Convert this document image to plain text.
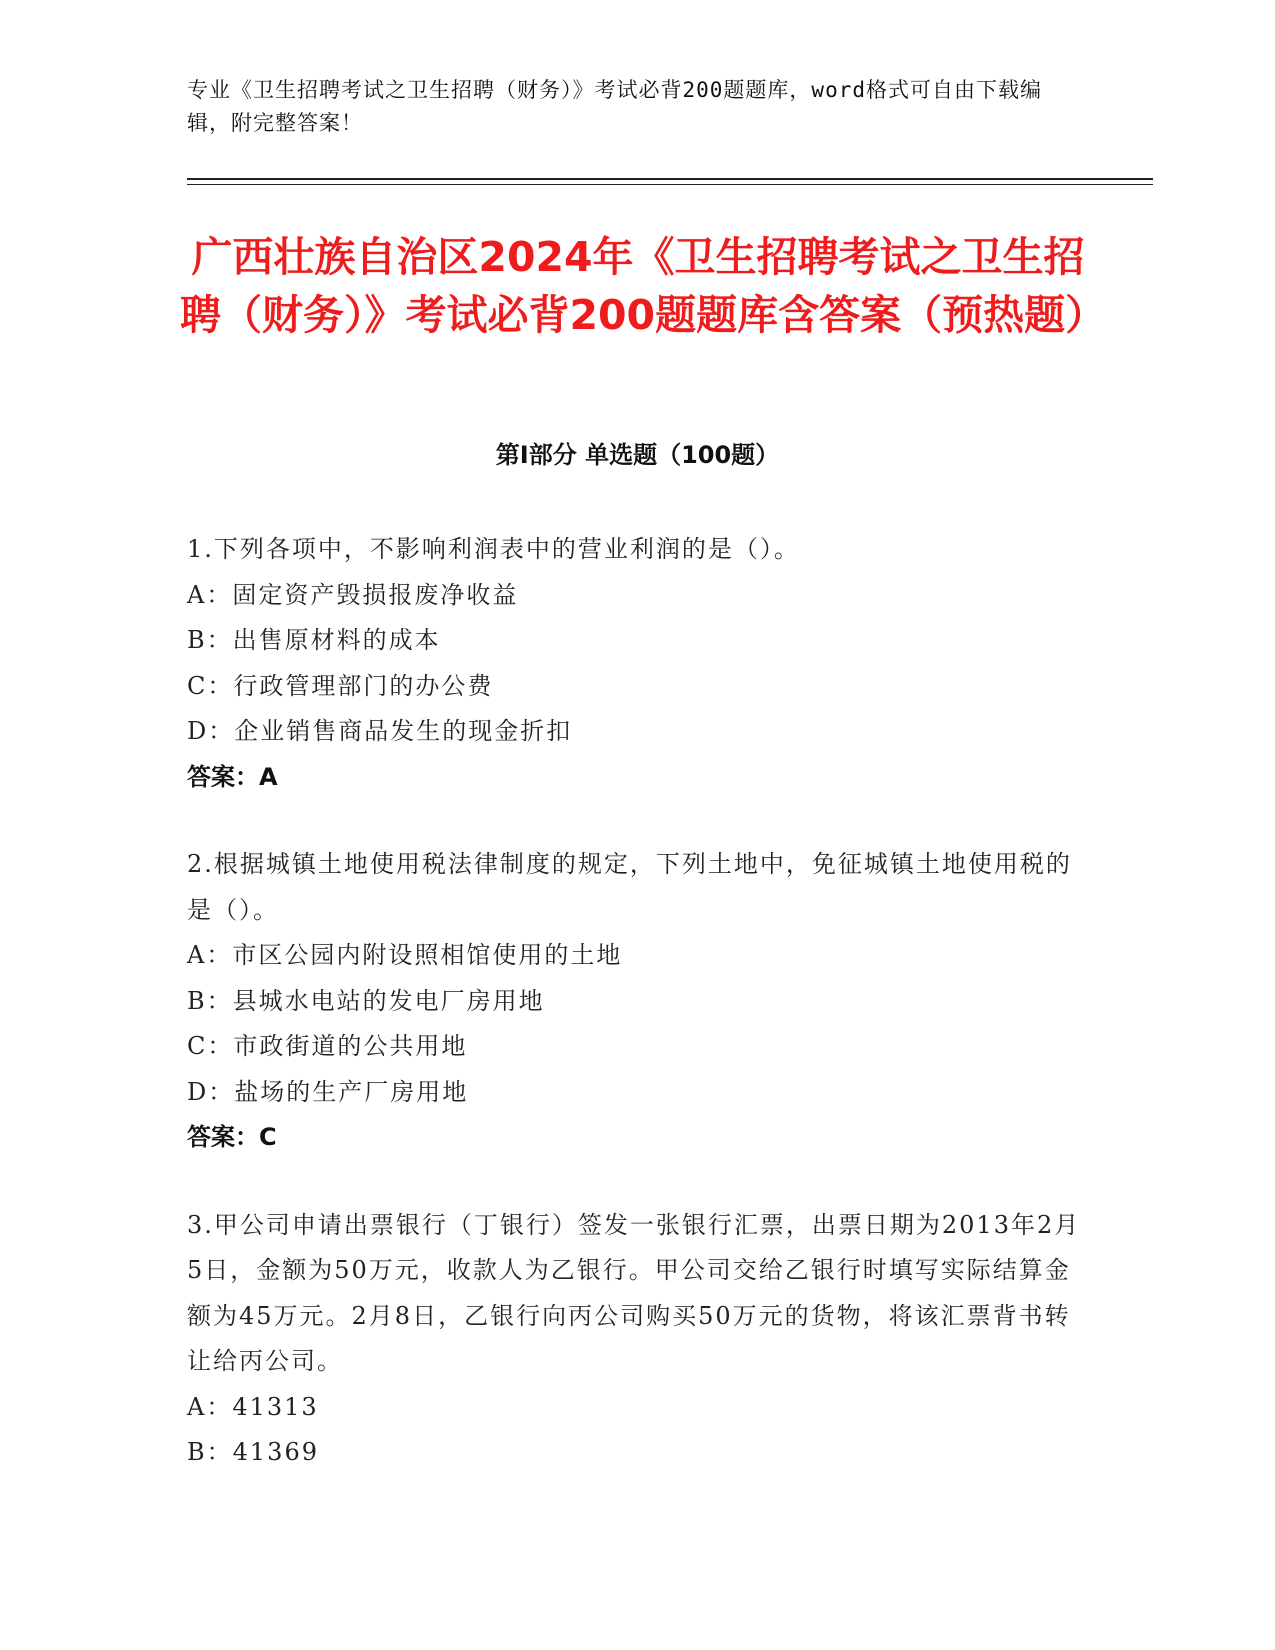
专业《卫生招聘考试之卫生招聘（财务）》考试必背200题题库，word格式可自由下载编辑，附完整答案！
广西壮族自治区2024年《卫生招聘考试之卫生招聘（财务）》考试必背200题题库含答案（预热题）
第I部分 单选题（100题）
1.下列各项中，不影响利润表中的营业利润的是（）。
A：固定资产毁损报废净收益
B：出售原材料的成本
C：行政管理部门的办公费
D：企业销售商品发生的现金折扣
答案：A
2.根据城镇土地使用税法律制度的规定，下列土地中，免征城镇土地使用税的是（）。
A：市区公园内附设照相馆使用的土地
B：县城水电站的发电厂房用地
C：市政街道的公共用地
D：盐场的生产厂房用地
答案：C
3.甲公司申请出票银行（丁银行）签发一张银行汇票，出票日期为2013年2月5日，金额为50万元，收款人为乙银行。甲公司交给乙银行时填写实际结算金额为45万元。2月8日，乙银行向丙公司购买50万元的货物，将该汇票背书转让给丙公司。
A：41313
B：41369
